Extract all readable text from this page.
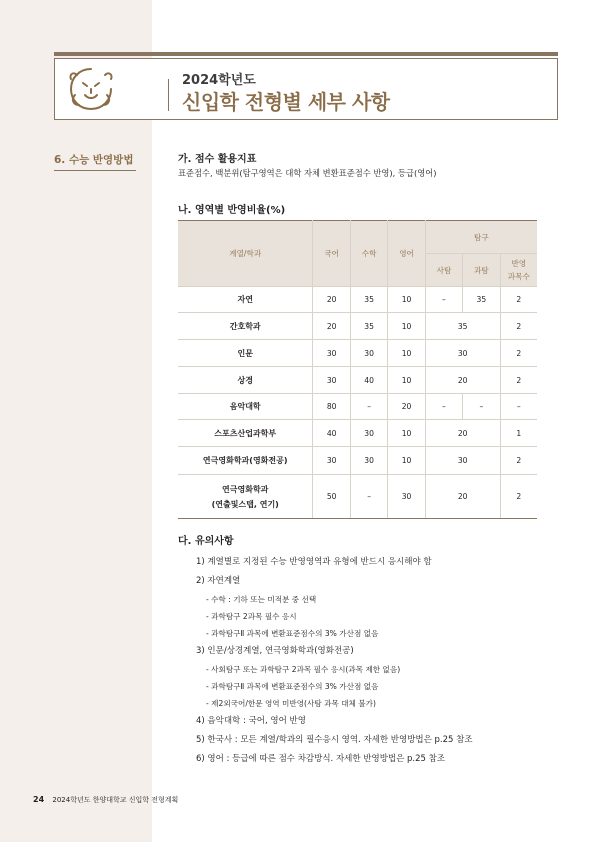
2024학년도
신입학 전형별 세부 사항
6. 수능 반영방법	가. 점수 활용지표
표준점수, 백분위(탐구영역은 대학 자체 변환표준점수 반영), 등급(영어)
나. 영역별 반영비율(%)
계열/학과	국어	수학	영어	탐구		
				사탐	과탐	반영
과목수
자연	20	35	10	–	35	2
간호학과	20	35	10	35		2
인문	30	30	10	30		2
상경	30	40	10	20		2
음악대학	80	–	20	–	–	–
스포츠산업과학부	40	30	10	20		1
연극영화학과(영화전공)	30	30	10	30		2
연극영화학과
(연출및스탭, 연기)	50	–	30	20		2
다. 유의사항
1) 계열별로 지정된 수능 반영영역과 유형에 반드시 응시해야 함
2) 자연계열
- 수학 : 기하 또는 미적분 중 선택
- 과학탐구 2과목 필수 응시
- 과학탐구Ⅱ 과목에 변환표준점수의 3% 가산점 없음
3) 인문/상경계열, 연극영화학과(영화전공)
- 사회탐구 또는 과학탐구 2과목 필수 응시(과목 제한 없음)
- 과학탐구Ⅱ 과목에 변환표준점수의 3% 가산점 없음
- 제2외국어/한문 영역 미반영(사탐 과목 대체 불가)
4) 음악대학 : 국어, 영어 반영
5) 한국사 : 모든 계열/학과의 필수응시 영역. 자세한 반영방법은 p.25 참조
6) 영어 : 등급에 따른 점수 차감방식. 자세한 반영방법은 p.25 참조
24 2024학년도 한양대학교 신입학 전형계획
